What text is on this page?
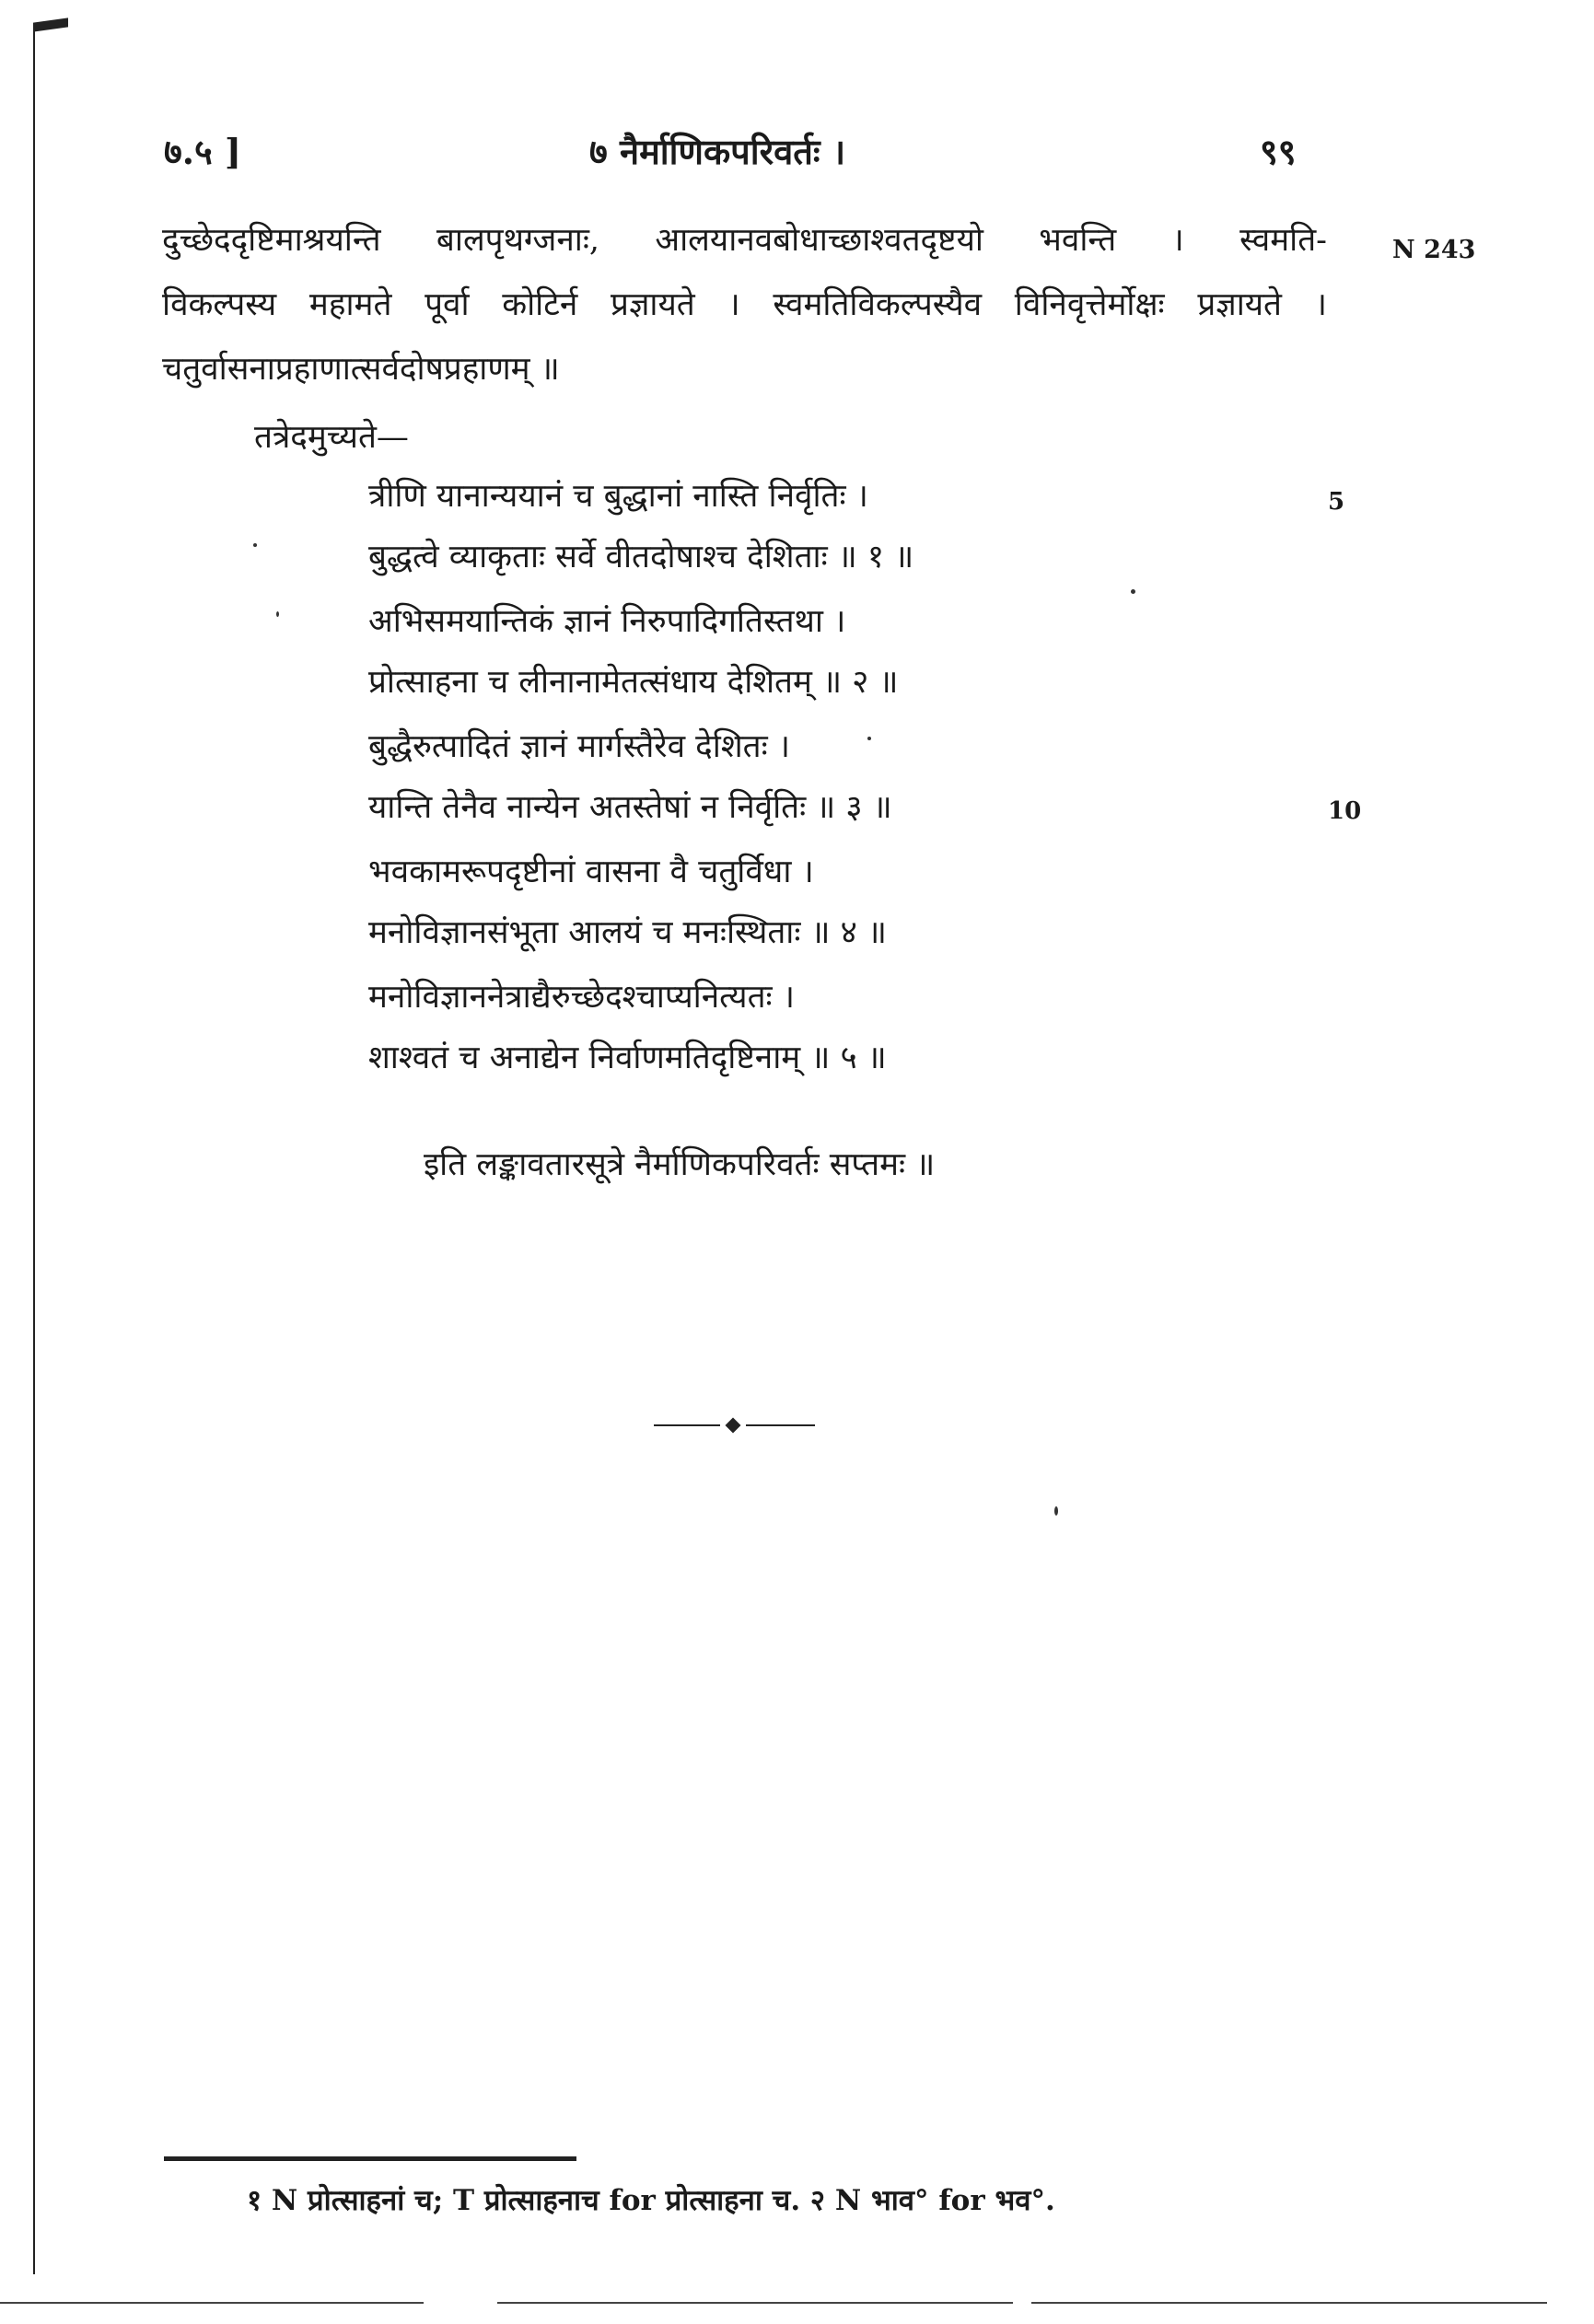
७.५ ]	७ नैर्माणिकपरिवर्तः ।	९९
दुच्छेददृष्टिमाश्रयन्ति बालपृथग्जनाः, आलयानवबोधाच्छाश्वतदृष्टयो भवन्ति । स्वमति-
विकल्पस्य महामते पूर्वा कोटिर्न प्रज्ञायते । स्वमतिविकल्पस्यैव विनिवृत्तेर्मोक्षः प्रज्ञायते ।
चतुर्वासनाप्रहाणात्सर्वदोषप्रहाणम् ॥
N 243
तत्रेदमुच्यते—
त्रीणि यानान्ययानं च बुद्धानां नास्ति निर्वृतिः ।
बुद्धत्वे व्याकृताः सर्वे वीतदोषाश्च देशिताः ॥ १ ॥
अभिसमयान्तिकं ज्ञानं निरुपादिगतिस्तथा ।
प्रोत्साहना च लीनानामेतत्संधाय देशितम् ॥ २ ॥
बुद्धैरुत्पादितं ज्ञानं मार्गस्तैरेव देशितः ।
यान्ति तेनैव नान्येन अतस्तेषां न निर्वृतिः ॥ ३ ॥
भवकामरूपदृष्टीनां वासना वै चतुर्विधा ।
मनोविज्ञानसंभूता आलयं च मनःस्थिताः ॥ ४ ॥
मनोविज्ञाननेत्राद्यैरुच्छेदश्चाप्यनित्यतः ।
शाश्वतं च अनाद्येन निर्वाणमतिदृष्टिनाम् ॥ ५ ॥
5
10
इति लङ्कावतारसूत्रे नैर्माणिकपरिवर्तः सप्तमः ॥
१ N प्रोत्साहनां च; T प्रोत्साहनाच for प्रोत्साहना च. २ N भाव° for भव°.
